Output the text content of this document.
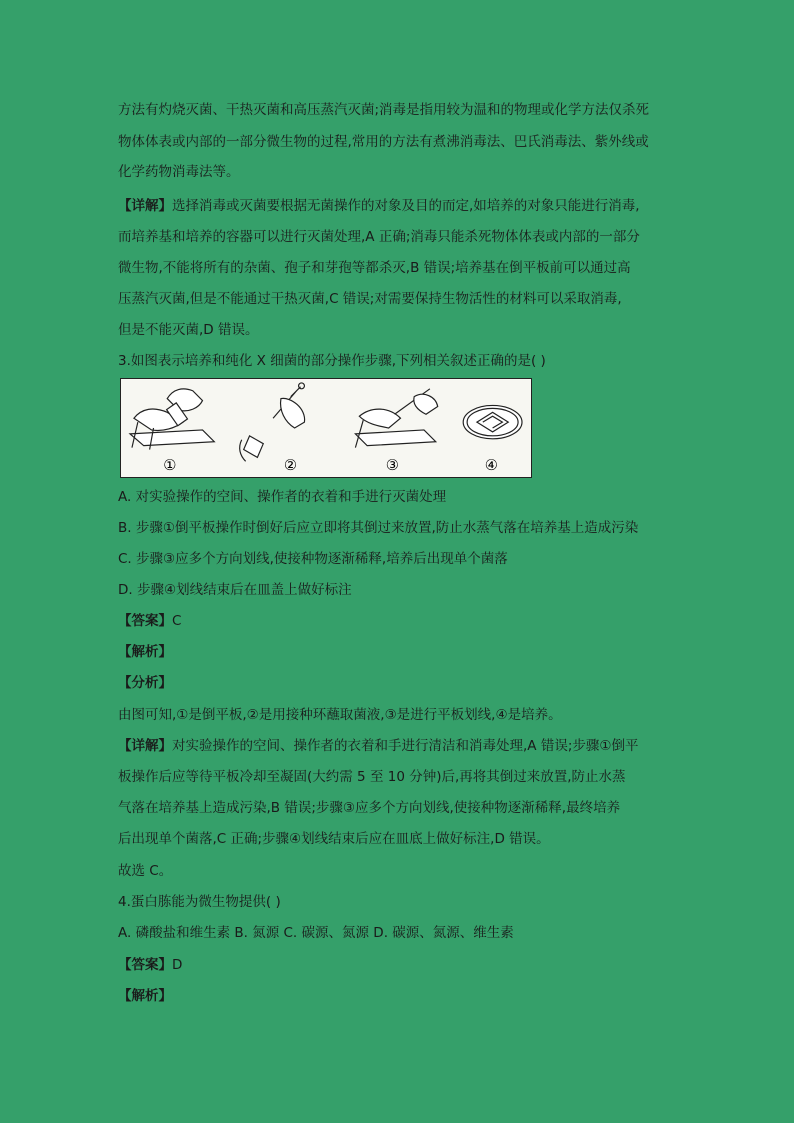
方法有灼烧灭菌、干热灭菌和高压蒸汽灭菌;消毒是指用较为温和的物理或化学方法仅杀死
物体体表或内部的一部分微生物的过程,常用的方法有煮沸消毒法、巴氏消毒法、紫外线或
化学药物消毒法等。
【详解】选择消毒或灭菌要根据无菌操作的对象及目的而定,如培养的对象只能进行消毒,
而培养基和培养的容器可以进行灭菌处理,A 正确;消毒只能杀死物体体表或内部的一部分
微生物,不能将所有的杂菌、孢子和芽孢等都杀灭,B 错误;培养基在倒平板前可以通过高
压蒸汽灭菌,但是不能通过干热灭菌,C 错误;对需要保持生物活性的材料可以采取消毒,
但是不能灭菌,D 错误。
3.如图表示培养和纯化 X 细菌的部分操作步骤,下列相关叙述正确的是( )
A. 对实验操作的空间、操作者的衣着和手进行灭菌处理
B. 步骤①倒平板操作时倒好后应立即将其倒过来放置,防止水蒸气落在培养基上造成污染
C. 步骤③应多个方向划线,使接种物逐渐稀释,培养后出现单个菌落
D. 步骤④划线结束后在皿盖上做好标注
【答案】C
【解析】
【分析】
由图可知,①是倒平板,②是用接种环蘸取菌液,③是进行平板划线,④是培养。
【详解】对实验操作的空间、操作者的衣着和手进行清洁和消毒处理,A 错误;步骤①倒平
板操作后应等待平板冷却至凝固(大约需 5 至 10 分钟)后,再将其倒过来放置,防止水蒸
气落在培养基上造成污染,B 错误;步骤③应多个方向划线,使接种物逐渐稀释,最终培养
后出现单个菌落,C 正确;步骤④划线结束后应在皿底上做好标注,D 错误。
故选 C。
4.蛋白胨能为微生物提供( )
A. 磷酸盐和维生素 B. 氮源 C. 碳源、氮源 D. 碳源、氮源、维生素
【答案】D
【解析】
①	②	③	④
